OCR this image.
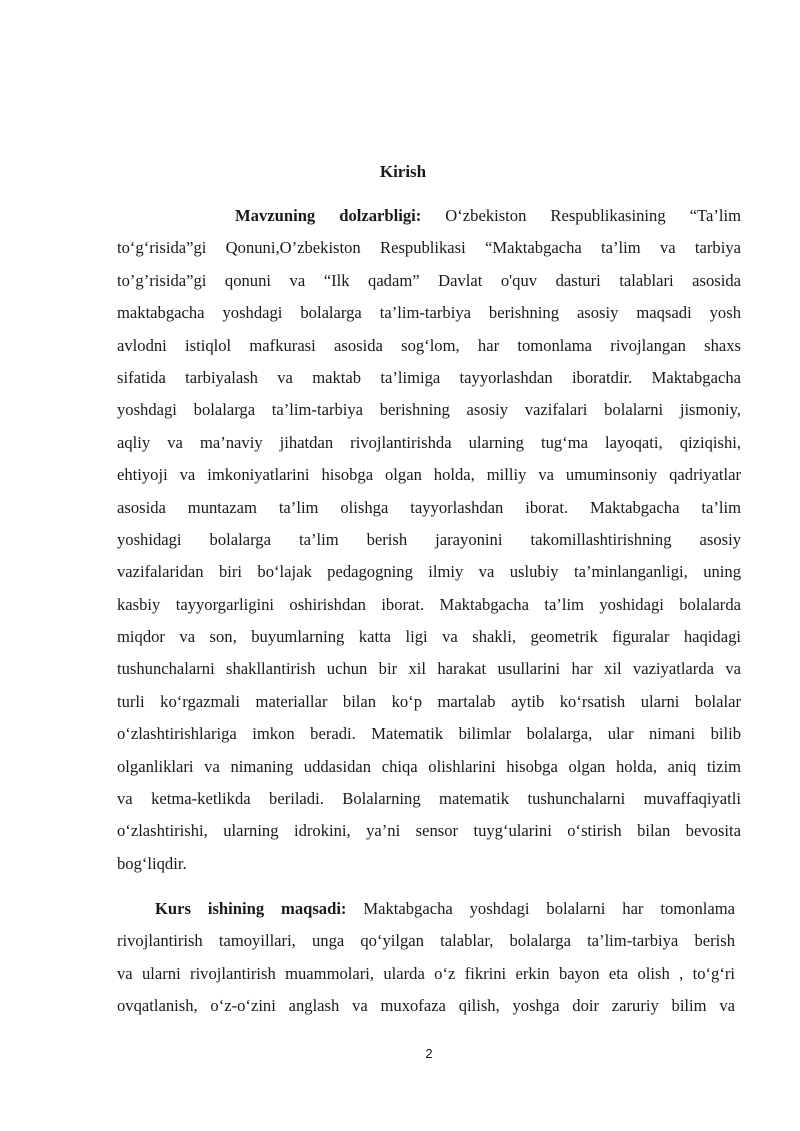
Kirish
Mavzuning dolzarbligi: O‘zbekiston Respublikasining “Ta’lim
to‘g‘risida”gi Qonuni,O’zbekiston Respublikasi “Maktabgacha ta’lim va tarbiya
to’g’risida”gi qonuni va “Ilk qadam” Davlat o'quv dasturi talablari asosida
maktabgacha yoshdagi bolalarga ta’lim-tarbiya berishning asosiy maqsadi yosh
avlodni istiqlol mafkurasi asosida sog‘lom, har tomonlama rivojlangan shaxs
sifatida tarbiyalash va maktab ta’limiga tayyorlashdan iboratdir. Maktabgacha
yoshdagi bolalarga ta’lim-tarbiya berishning asosiy vazifalari bolalarni jismoniy,
aqliy va ma’naviy jihatdan rivojlantirishda ularning tug‘ma layoqati, qiziqishi,
ehtiyoji va imkoniyatlarini hisobga olgan holda, milliy va umuminsoniy qadriyatlar
asosida muntazam ta’lim olishga tayyorlashdan iborat. Maktabgacha ta’lim
yoshidagi bolalarga ta’lim berish jarayonini takomillashtirishning asosiy
vazifalaridan biri bo‘lajak pedagogning ilmiy va uslubiy ta’minlanganligi, uning
kasbiy tayyorgarligini oshirishdan iborat. Maktabgacha ta’lim yoshidagi bolalarda
miqdor va son, buyumlarning katta ligi va shakli, geometrik figuralar haqidagi
tushunchalarni shakllantirish uchun bir xil harakat usullarini har xil vaziyatlarda va
turli ko‘rgazmali materiallar bilan ko‘p martalab aytib ko‘rsatish ularni bolalar
o‘zlashtirishlariga imkon beradi. Matematik bilimlar bolalarga, ular nimani bilib
olganliklari va nimaning uddasidan chiqa olishlarini hisobga olgan holda, aniq tizim
va ketma-ketlikda beriladi. Bolalarning matematik tushunchalarni muvaffaqiyatli
o‘zlashtirishi, ularning idrokini, ya’ni sensor tuyg‘ularini o‘stirish bilan bevosita
bog‘liqdir.
Kurs ishining maqsadi: Maktabgacha yoshdagi bolalarni har tomonlama
rivojlantirish tamoyillari, unga qo‘yilgan talablar, bolalarga ta’lim-tarbiya berish
va ularni rivojlantirish muammolari, ularda o‘z fikrini erkin bayon eta olish , to‘g‘ri
ovqatlanish, o‘z-o‘zini anglash va muxofaza qilish, yoshga doir zaruriy bilim va
2
